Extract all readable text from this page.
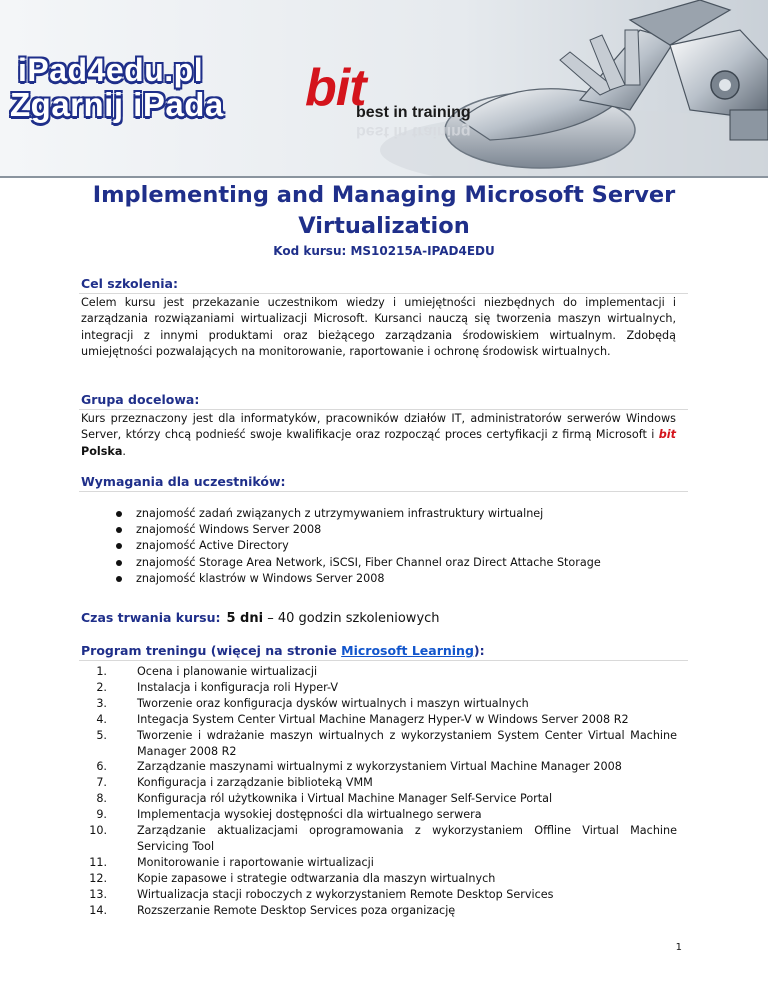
iPad4edu.pl
Zgarnij iPada bit
best in training
best in training
Implementing and Managing Microsoft Server Virtualization
Kod kursu: MS10215A-IPAD4EDU
Cel szkolenia:
Celem kursu jest przekazanie uczestnikom wiedzy i umiejętności niezbędnych do implementacji i zarządzania rozwiązaniami wirtualizacji Microsoft. Kursanci nauczą się tworzenia maszyn wirtualnych, integracji z innymi produktami oraz bieżącego zarządzania środowiskiem wirtualnym. Zdobędą umiejętności pozwalających na monitorowanie, raportowanie i ochronę środowisk wirtualnych.
Grupa docelowa:
Kurs przeznaczony jest dla informatyków, pracowników działów IT, administratorów serwerów Windows Server, którzy chcą podnieść swoje kwalifikacje oraz rozpocząć proces certyfikacji z firmą Microsoft i bit Polska.
Wymagania dla uczestników:
znajomość zadań związanych z utrzymywaniem infrastruktury wirtualnej
znajomość Windows Server 2008
znajomość Active Directory
znajomość Storage Area Network, iSCSI, Fiber Channel oraz Direct Attache Storage
znajomość klastrów w Windows Server 2008
Czas trwania kursu: 5 dni – 40 godzin szkoleniowych
Program treningu (więcej na stronie Microsoft Learning):
1.	Ocena i planowanie wirtualizacji
2.	Instalacja i konfiguracja roli Hyper-V
3.	Tworzenie oraz konfiguracja dysków wirtualnych i maszyn wirtualnych
4.	Integacja System Center Virtual Machine Managerz Hyper-V w Windows Server 2008 R2
5.	Tworzenie i wdrażanie maszyn wirtualnych z wykorzystaniem System Center Virtual Machine Manager 2008 R2
6.	Zarządzanie maszynami wirtualnymi z wykorzystaniem Virtual Machine Manager 2008
7.	Konfiguracja i zarządzanie biblioteką VMM
8.	Konfiguracja ról użytkownika i Virtual Machine Manager Self-Service Portal
9.	Implementacja wysokiej dostępności dla wirtualnego serwera
10.	Zarządzanie aktualizacjami oprogramowania z wykorzystaniem Offline Virtual Machine Servicing Tool
11.	Monitorowanie i raportowanie wirtualizacji
12.	Kopie zapasowe i strategie odtwarzania dla maszyn wirtualnych
13.	Wirtualizacja stacji roboczych z wykorzystaniem Remote Desktop Services
14.	Rozszerzanie Remote Desktop Services poza organizację
1
